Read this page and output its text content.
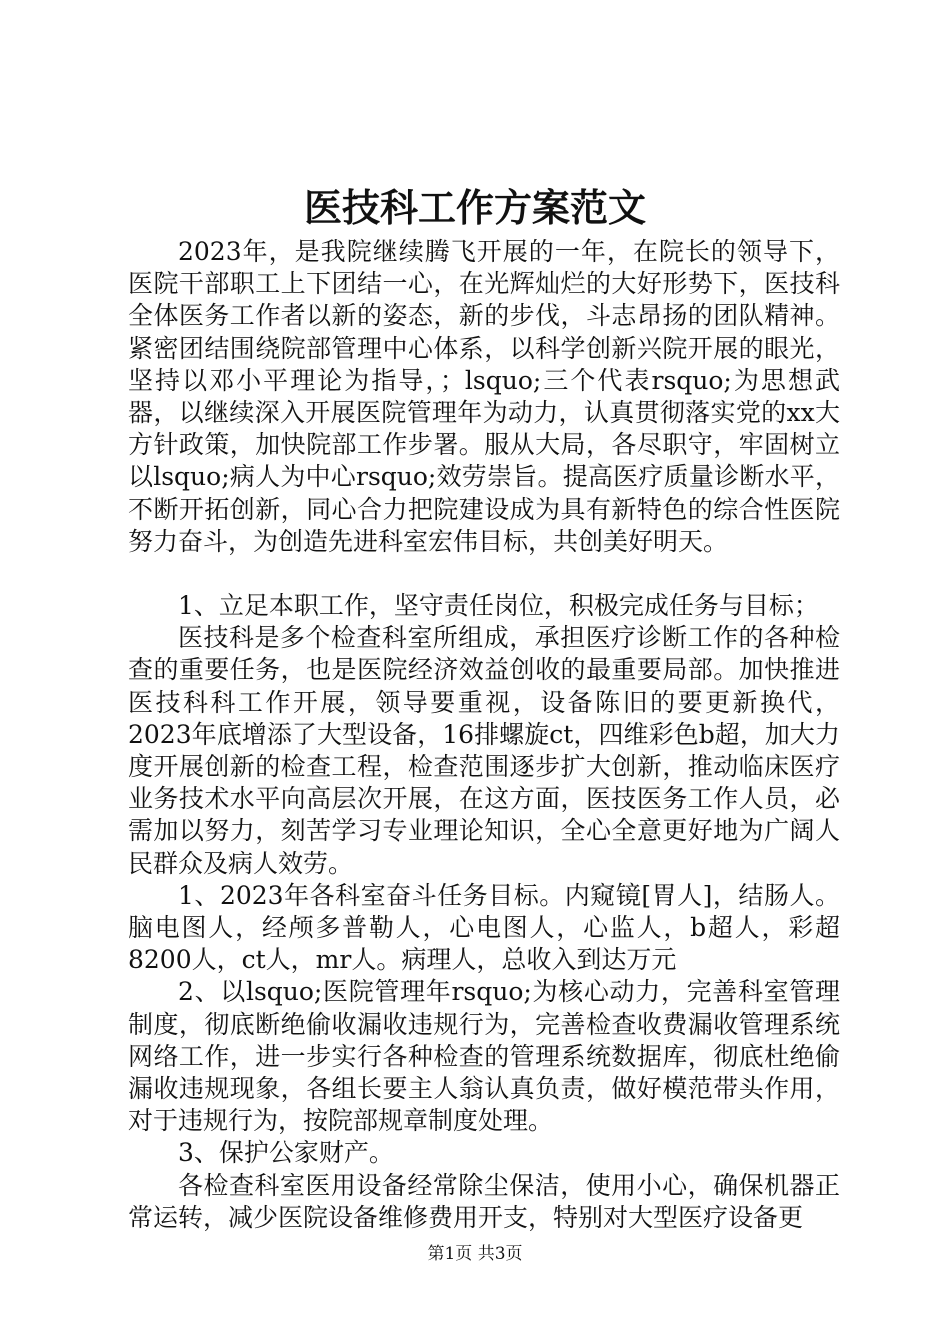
医技科工作方案范文

2023年，是我院继续腾飞开展的一年，在院长的领导下，医院干部职工上下团结一心，在光辉灿烂的大好形势下，医技科全体医务工作者以新的姿态，新的步伐，斗志昂扬的团队精神。紧密团结围绕院部管理中心体系，以科学创新兴院开展的眼光，坚持以邓小平理论为指导，；lsquo;三个代表rsquo;为思想武器，以继续深入开展医院管理年为动力，认真贯彻落实党的xx大方针政策，加快院部工作步署。服从大局，各尽职守，牢固树立以lsquo;病人为中心rsquo;效劳崇旨。提高医疗质量诊断水平，不断开拓创新，同心合力把院建设成为具有新特色的综合性医院努力奋斗，为创造先进科室宏伟目标，共创美好明天。

1、立足本职工作，坚守责任岗位，积极完成任务与目标；

医技科是多个检查科室所组成，承担医疗诊断工作的各种检查的重要任务，也是医院经济效益创收的最重要局部。加快推进医技科科工作开展，领导要重视，设备陈旧的要更新换代，2023年底增添了大型设备，16排螺旋ct，四维彩色b超，加大力度开展创新的检查工程，检查范围逐步扩大创新，推动临床医疗业务技术水平向高层次开展，在这方面，医技医务工作人员，必需加以努力，刻苦学习专业理论知识，全心全意更好地为广阔人民群众及病人效劳。

1、2023年各科室奋斗任务目标。内窥镜[胃人]，结肠人。脑电图人，经颅多普勒人，心电图人，心监人，b超人，彩超8200人，ct人，mr人。病理人，总收入到达万元

2、以lsquo;医院管理年rsquo;为核心动力，完善科室管理制度，彻底断绝偷收漏收违规行为，完善检查收费漏收管理系统网络工作，进一步实行各种检查的管理系统数据库，彻底杜绝偷漏收违规现象，各组长要主人翁认真负责，做好模范带头作用，对于违规行为，按院部规章制度处理。

3、保护公家财产。

各检查科室医用设备经常除尘保洁，使用小心，确保机器正常运转，减少医院设备维修费用开支，特别对大型医疗设备更

第1页 共3页
